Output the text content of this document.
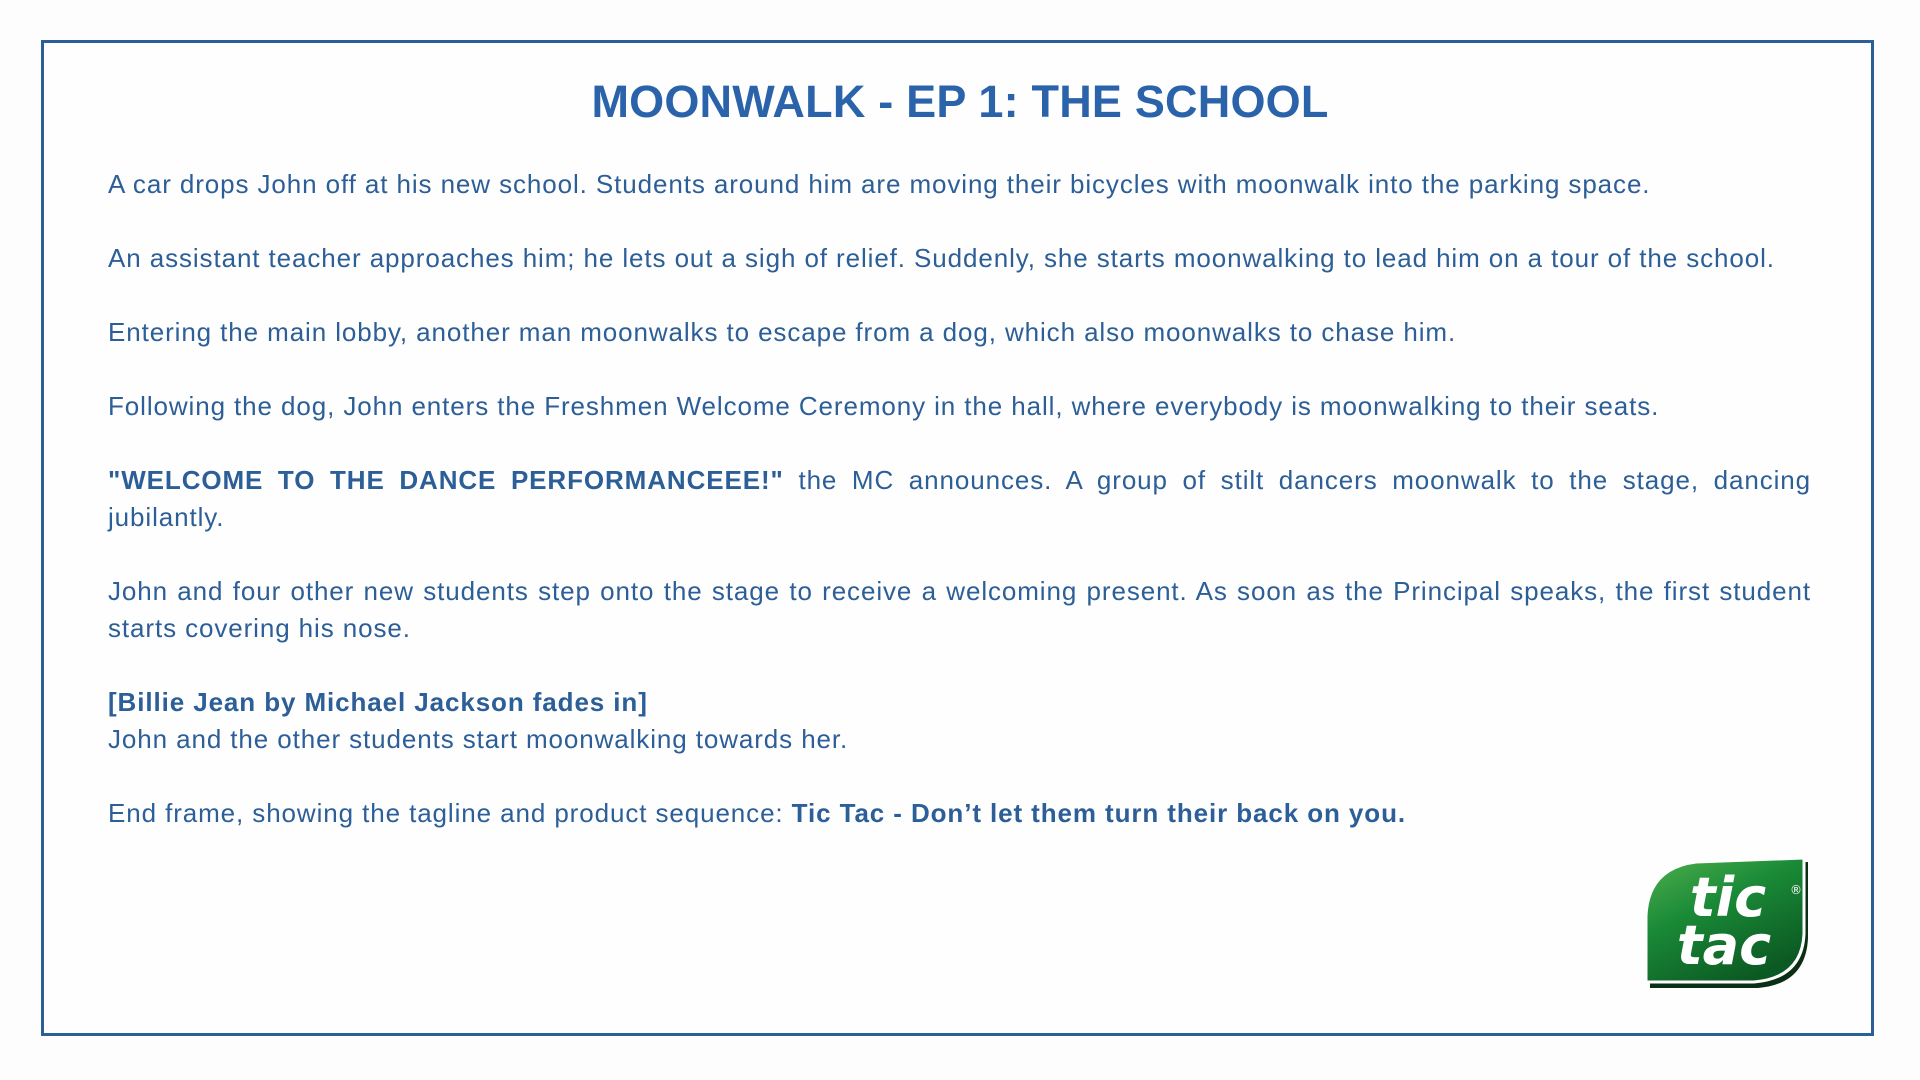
MOONWALK - EP 1: THE SCHOOL

A car drops John off at his new school. Students around him are moving their bicycles with moonwalk into the parking space.

An assistant teacher approaches him; he lets out a sigh of relief. Suddenly, she starts moonwalking to lead him on a tour of the school.

Entering the main lobby, another man moonwalks to escape from a dog, which also moonwalks to chase him.

Following the dog, John enters the Freshmen Welcome Ceremony in the hall, where everybody is moonwalking to their seats.

"WELCOME TO THE DANCE PERFORMANCEEE!" the MC announces. A group of stilt dancers moonwalk to the stage, dancing jubilantly.

John and four other new students step onto the stage to receive a welcoming present. As soon as the Principal speaks, the first student starts covering his nose.

[Billie Jean by Michael Jackson fades in]
John and the other students start moonwalking towards her.

End frame, showing the tagline and product sequence: Tic Tac - Don’t let them turn their back on you.

tic
tac
®
